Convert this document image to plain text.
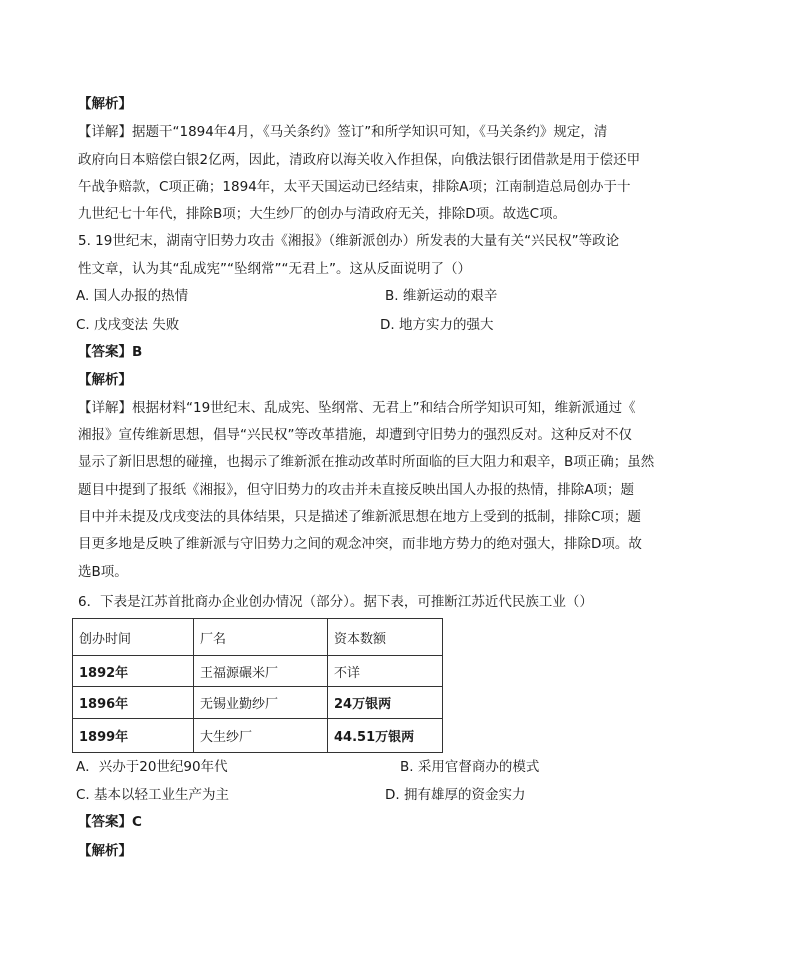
【解析】
【详解】据题干“1894年4月，《马关条约》签订”和所学知识可知，《马关条约》规定，清
政府向日本赔偿白银2亿两，因此，清政府以海关收入作担保，向俄法银行团借款是用于偿还甲
午战争赔款，C项正确；1894年，太平天国运动已经结束，排除A项；江南制造总局创办于十
九世纪七十年代，排除B项；大生纱厂的创办与清政府无关，排除D项。故选C项。
5. 19世纪末，湖南守旧势力攻击《湘报》（维新派创办）所发表的大量有关“兴民权”等政论
性文章，认为其“乱成宪”“坠纲常”“无君上”。这从反面说明了（）
A. 国人办报的热情	B. 维新运动的艰辛
C. 戊戌变法 失败	D. 地方实力的强大
【答案】B
【解析】
【详解】根据材料“19世纪末、乱成宪、坠纲常、无君上”和结合所学知识可知，维新派通过《
湘报》宣传维新思想，倡导“兴民权”等改革措施，却遭到守旧势力的强烈反对。这种反对不仅
显示了新旧思想的碰撞，也揭示了维新派在推动改革时所面临的巨大阻力和艰辛，B项正确；虽然
题目中提到了报纸《湘报》，但守旧势力的攻击并未直接反映出国人办报的热情，排除A项；题
目中并未提及戊戌变法的具体结果，只是描述了维新派思想在地方上受到的抵制，排除C项；题
目更多地是反映了维新派与守旧势力之间的观念冲突，而非地方势力的绝对强大，排除D项。故
选B项。
6．下表是江苏首批商办企业创办情况（部分）。据下表，可推断江苏近代民族工业（）
创办时间	厂名	资本数额
1892年	王福源碾米厂	不详
1896年	无锡业勤纱厂	24万银两
1899年	大生纱厂	44.51万银两
A．兴办于20世纪90年代	B. 采用官督商办的模式
C. 基本以轻工业生产为主	D. 拥有雄厚的资金实力
【答案】C
【解析】
